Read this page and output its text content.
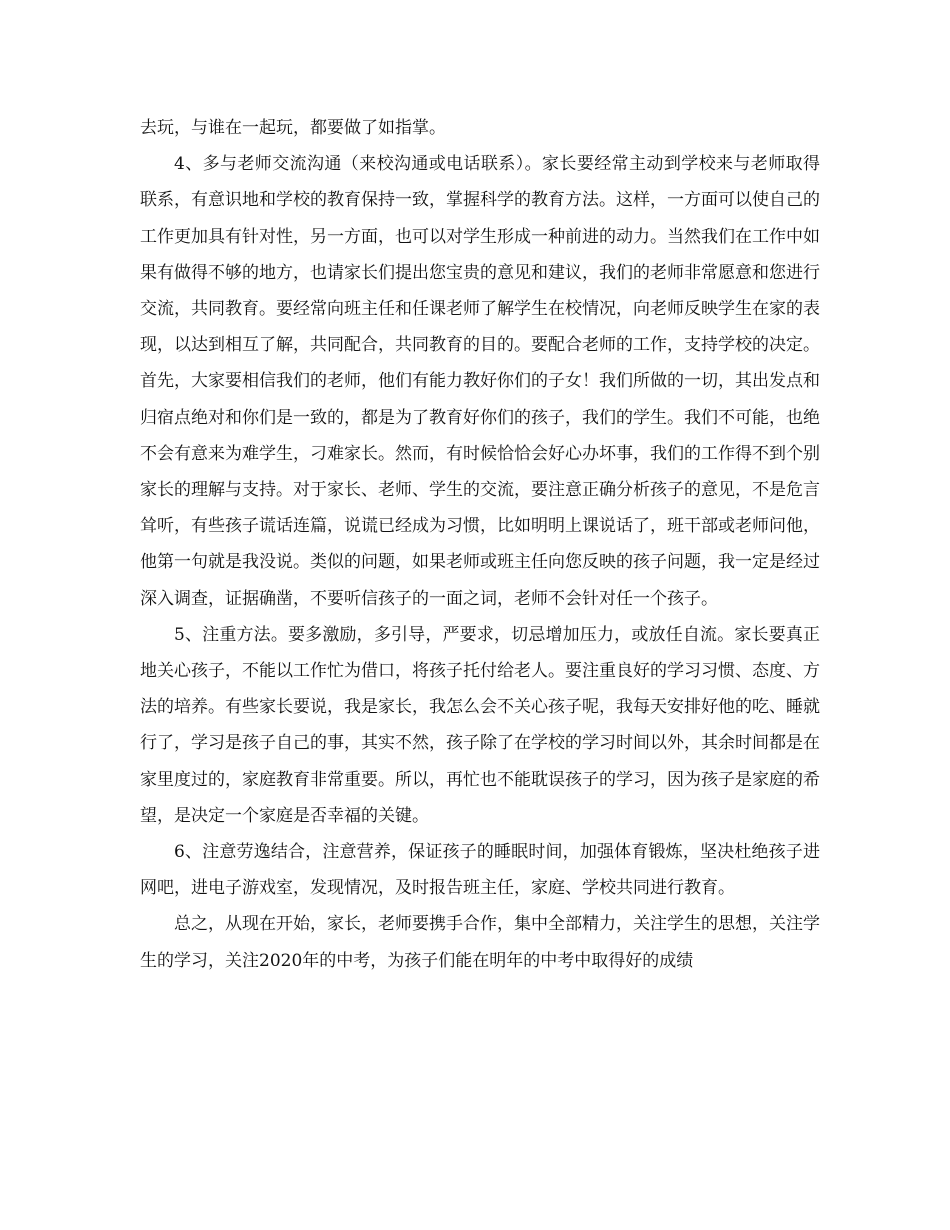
去玩，与谁在一起玩，都要做了如指掌。

4、多与老师交流沟通（来校沟通或电话联系）。家长要经常主动到学校来与老师取得联系，有意识地和学校的教育保持一致，掌握科学的教育方法。这样，一方面可以使自己的工作更加具有针对性，另一方面，也可以对学生形成一种前进的动力。当然我们在工作中如果有做得不够的地方，也请家长们提出您宝贵的意见和建议，我们的老师非常愿意和您进行交流，共同教育。要经常向班主任和任课老师了解学生在校情况，向老师反映学生在家的表现，以达到相互了解，共同配合，共同教育的目的。要配合老师的工作，支持学校的决定。首先，大家要相信我们的老师，他们有能力教好你们的子女！我们所做的一切，其出发点和归宿点绝对和你们是一致的，都是为了教育好你们的孩子，我们的学生。我们不可能，也绝不会有意来为难学生，刁难家长。然而，有时候恰恰会好心办坏事，我们的工作得不到个别家长的理解与支持。对于家长、老师、学生的交流，要注意正确分析孩子的意见，不是危言耸听，有些孩子谎话连篇，说谎已经成为习惯，比如明明上课说话了，班干部或老师问他，他第一句就是我没说。类似的问题，如果老师或班主任向您反映的孩子问题，我一定是经过深入调查，证据确凿，不要听信孩子的一面之词，老师不会针对任一个孩子。

5、注重方法。要多激励，多引导，严要求，切忌增加压力，或放任自流。家长要真正地关心孩子，不能以工作忙为借口，将孩子托付给老人。要注重良好的学习习惯、态度、方法的培养。有些家长要说，我是家长，我怎么会不关心孩子呢，我每天安排好他的吃、睡就行了，学习是孩子自己的事，其实不然，孩子除了在学校的学习时间以外，其余时间都是在家里度过的，家庭教育非常重要。所以，再忙也不能耽误孩子的学习，因为孩子是家庭的希望，是决定一个家庭是否幸福的关键。

6、注意劳逸结合，注意营养，保证孩子的睡眠时间，加强体育锻炼，坚决杜绝孩子进网吧，进电子游戏室，发现情况，及时报告班主任，家庭、学校共同进行教育。

总之，从现在开始，家长，老师要携手合作，集中全部精力，关注学生的思想，关注学生的学习，关注2020年的中考，为孩子们能在明年的中考中取得好的成绩
